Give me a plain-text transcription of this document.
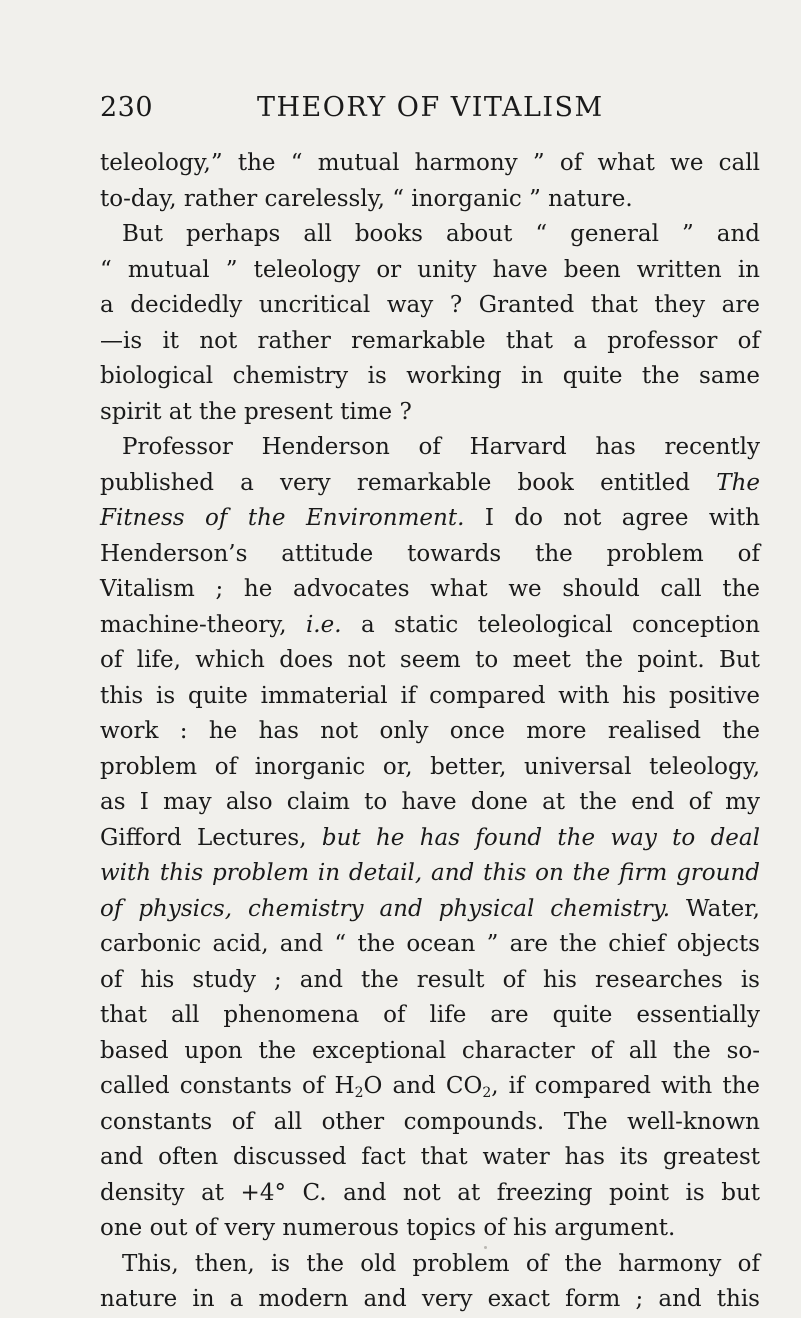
230	THEORY OF VITALISM
teleology,” the “ mutual harmony ” of what we call
to-day, rather carelessly, “ inorganic ” nature.
But perhaps all books about “ general ” and
“ mutual ” teleology or unity have been written in
a decidedly uncritical way ? Granted that they are
—is it not rather remarkable that a professor of
biological chemistry is working in quite the same
spirit at the present time ?
Professor Henderson of Harvard has recently
published a very remarkable book entitled The
Fitness of the Environment. I do not agree with
Henderson’s attitude towards the problem of
Vitalism ; he advocates what we should call the
machine-theory, i.e. a static teleological conception
of life, which does not seem to meet the point. But
this is quite immaterial if compared with his positive
work : he has not only once more realised the
problem of inorganic or, better, universal teleology,
as I may also claim to have done at the end of my
Gifford Lectures, but he has found the way to deal
with this problem in detail, and this on the firm ground
of physics, chemistry and physical chemistry. Water,
carbonic acid, and “ the ocean ” are the chief objects
of his study ; and the result of his researches is
that all phenomena of life are quite essentially
based upon the exceptional character of all the so-
called constants of $H_2O$ and $CO_2$, if compared with the
constants of all other compounds. The well-known
and often discussed fact that water has its greatest
density at +4° C. and not at freezing point is but
one out of very numerous topics of his argument.
This, then, is the old problem of the harmony of
nature in a modern and very exact form ; and this
